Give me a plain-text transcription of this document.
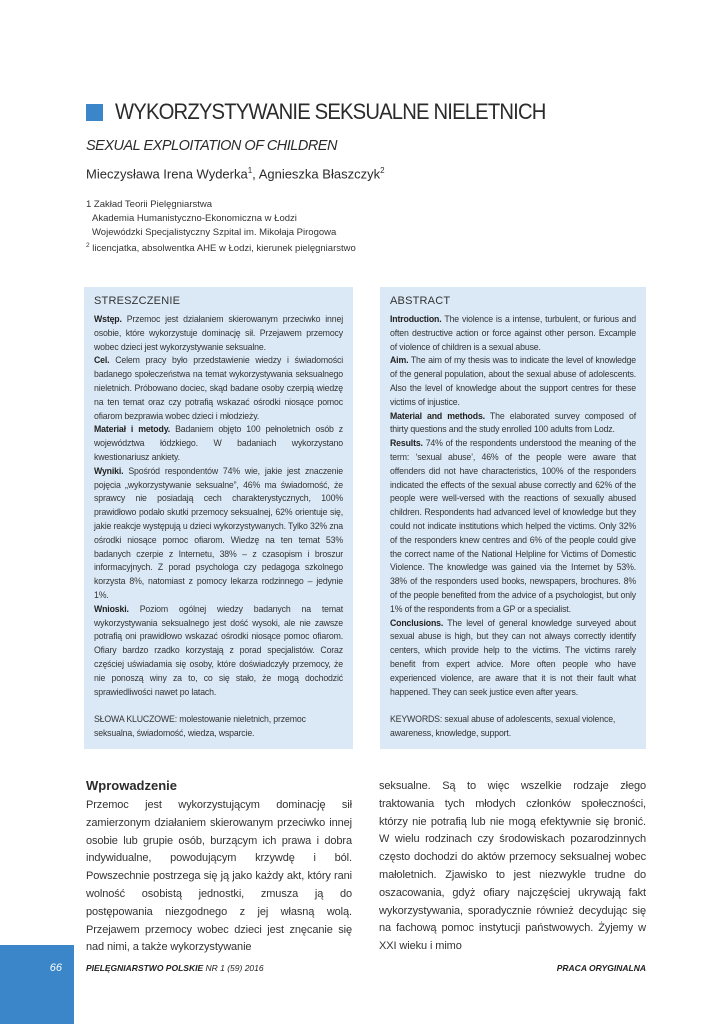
WYKORZYSTYWANIE SEKSUALNE NIELETNICH
SEXUAL EXPLOITATION OF CHILDREN
Mieczysława Irena Wyderka$^1$, Agnieszka Błaszczyk$^2$
1 Zakład Teorii Pielęgniarstwa
Akademia Humanistyczno-Ekonomiczna w Łodzi
Wojewódzki Specjalistyczny Szpital im. Mikołaja Pirogowa
$^2$ licencjatka, absolwentka AHE w Łodzi, kierunek pielęgniarstwo
STRESZCZENIE

Wstęp. Przemoc jest działaniem skierowanym przeciwko innej osobie, które wykorzystuje dominację sił. Przejawem przemocy wobec dzieci jest wykorzystywanie seksualne.

Cel. Celem pracy było przedstawienie wiedzy i świadomości badanego społeczeństwa na temat wykorzystywania seksualnego nieletnich. Próbowano dociec, skąd badane osoby czerpią wiedzę na ten temat oraz czy potrafią wskazać ośrodki niosące pomoc ofiarom bezprawia wobec dzieci i młodzieży.

Materiał i metody. Badaniem objęto 100 pełnoletnich osób z województwa łódzkiego. W badaniach wykorzystano kwestionariusz ankiety.

Wyniki. Spośród respondentów 74% wie, jakie jest znaczenie pojęcia „wykorzystywanie seksualne”, 46% ma świadomość, że sprawcy nie posiadają cech charakterystycznych, 100% prawidłowo podało skutki przemocy seksualnej, 62% orientuje się, jakie reakcje występują u dzieci wykorzystywanych. Tylko 32% zna ośrodki niosące pomoc ofiarom. Wiedzę na ten temat 53% badanych czerpie z Internetu, 38% – z czasopism i broszur informacyjnych. Z porad psychologa czy pedagoga szkolnego korzysta 8%, natomiast z pomocy lekarza rodzinnego – jedynie 1%.

Wnioski. Poziom ogólnej wiedzy badanych na temat wykorzystywania seksualnego jest dość wysoki, ale nie zawsze potrafią oni prawidłowo wskazać ośrodki niosące pomoc ofiarom. Ofiary bardzo rzadko korzystają z porad specjalistów. Coraz częściej uświadamia się osoby, które doświadczyły przemocy, że nie ponoszą winy za to, co się stało, że mogą dochodzić sprawiedliwości nawet po latach.

SŁOWA KLUCZOWE: molestowanie nieletnich, przemoc seksualna, świadomość, wiedza, wsparcie.
ABSTRACT

Introduction. The violence is a intense, turbulent, or furious and often destructive action or force against other person. Excample of violence of children is a sexual abuse.

Aim. The aim of my thesis was to indicate the level of knowledge of the general population, about the sexual abuse of adolescents. Also the level of knowledge about the support centres for these victims of injustice.

Material and methods. The elaborated survey composed of thirty questions and the study enrolled 100 adults from Lodz.

Results. 74% of the respondents understood the meaning of the term: ‘sexual abuse’, 46% of the people were aware that offenders did not have characteristics, 100% of the responders indicated the effects of the sexual abuse correctly and 62% of the people were well-versed with the reactions of sexually abused children. Respondents had advanced level of knowledge but they could not indicate institutions which helped the victims. Only 32% of the responders knew centres and 6% of the people could give the correct name of the National Helpline for Victims of Domestic Violence. The knowledge was gained via the Internet by 53%. 38% of the responders used books, newspapers, brochures. 8% of the people benefited from the advice of a psychologist, but only 1% of the respondents from a GP or a specialist.

Conclusions. The level of general knowledge surveyed about sexual abuse is high, but they can not always correctly identify centers, which provide help to the victims. The victims rarely benefit from expert advice. More often people who have experienced violence, are aware that it is not their fault what happened. They can seek justice even after years.

KEYWORDS: sexual abuse of adolescents, sexual violence, awareness, knowledge, support.
Wprowadzenie

Przemoc jest wykorzystującym dominację sił zamierzonym działaniem skierowanym przeciwko innej osobie lub grupie osób, burzącym ich prawa i dobra indywidualne, powodującym krzywdę i ból. Powszechnie postrzega się ją jako każdy akt, który rani wolność osobistą jednostki, zmusza ją do postępowania niezgodnego z jej własną wolą. Przejawem przemocy wobec dzieci jest znęcanie się nad nimi, a także wykorzystywanie

seksualne. Są to więc wszelkie rodzaje złego traktowania tych młodych członków społeczności, którzy nie potrafią lub nie mogą efektywnie się bronić. W wielu rodzinach czy środowiskach pozarodzinnych często dochodzi do aktów przemocy seksualnej wobec małoletnich. Zjawisko to jest niezwykle trudne do oszacowania, gdyż ofiary najczęściej ukrywają fakt wykorzystywania, sporadycznie również decydując się na fachową pomoc instytucji państwowych. Żyjemy w XXI wieku i mimo

66	PIELĘGNIARSTWO POLSKIE NR 1 (59) 2016	PRACA ORYGINALNA
